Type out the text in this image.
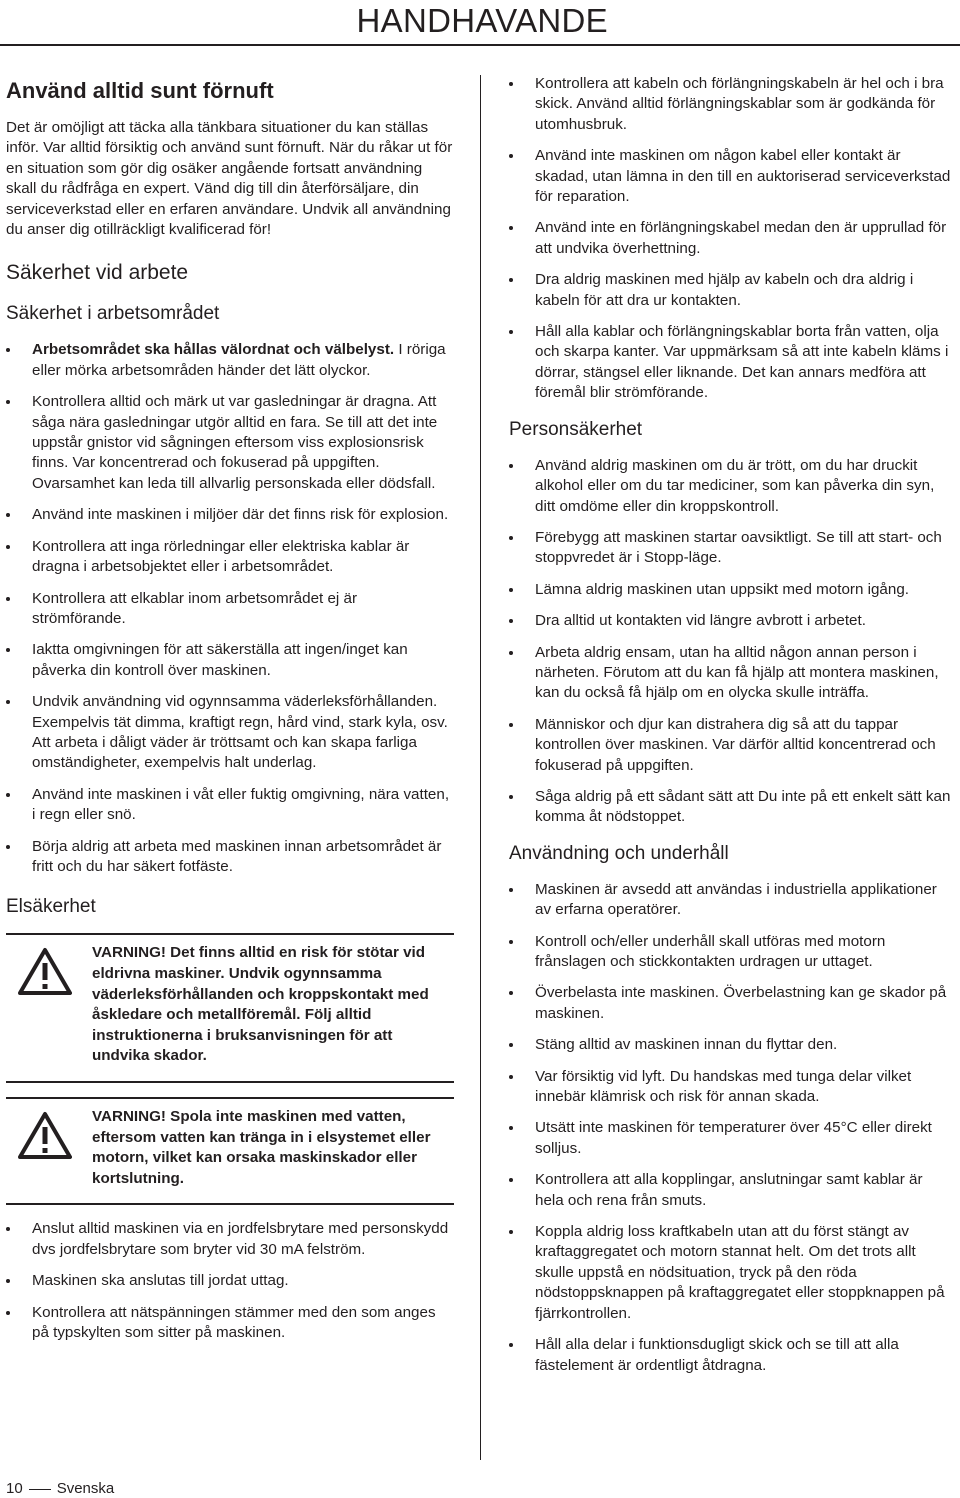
HANDHAVANDE
Använd alltid sunt förnuft

Det är omöjligt att täcka alla tänkbara situationer du kan ställas inför. Var alltid försiktig och använd sunt förnuft. När du råkar ut för en situation som gör dig osäker angående fortsatt användning skall du rådfråga en expert. Vänd dig till din återförsäljare, din serviceverkstad eller en erfaren användare. Undvik all användning du anser dig otillräckligt kvalificerad för!

Säkerhet vid arbete
Säkerhet i arbetsområdet
Arbetsområdet ska hållas välordnat och välbelyst. I röriga eller mörka arbetsområden händer det lätt olyckor.
Kontrollera alltid och märk ut var gasledningar är dragna. Att såga nära gasledningar utgör alltid en fara. Se till att det inte uppstår gnistor vid sågningen eftersom viss explosionsrisk finns. Var koncentrerad och fokuserad på uppgiften. Ovarsamhet kan leda till allvarlig personskada eller dödsfall.
Använd inte maskinen i miljöer där det finns risk för explosion.
Kontrollera att inga rörledningar eller elektriska kablar är dragna i arbetsobjektet eller i arbetsområdet.
Kontrollera att elkablar inom arbetsområdet ej är strömförande.
Iaktta omgivningen för att säkerställa att ingen/inget kan påverka din kontroll över maskinen.
Undvik användning vid ogynnsamma väderleksförhållanden. Exempelvis tät dimma, kraftigt regn, hård vind, stark kyla, osv. Att arbeta i dåligt väder är tröttsamt och kan skapa farliga omständigheter, exempelvis halt underlag.
Använd inte maskinen i våt eller fuktig omgivning, nära vatten, i regn eller snö.
Börja aldrig att arbeta med maskinen innan arbetsområdet är fritt och du har säkert fotfäste.
Elsäkerhet
VARNING! Det finns alltid en risk för stötar vid eldrivna maskiner. Undvik ogynnsamma väderleksförhållanden och kroppskontakt med åskledare och metallföremål. Följ alltid instruktionerna i bruksanvisningen för att undvika skador.
VARNING! Spola inte maskinen med vatten, eftersom vatten kan tränga in i elsystemet eller motorn, vilket kan orsaka maskinskador eller kortslutning.
Anslut alltid maskinen via en jordfelsbrytare med personskydd dvs jordfelsbrytare som bryter vid 30 mA felström.
Maskinen ska anslutas till jordat uttag.
Kontrollera att nätspänningen stämmer med den som anges på typskylten som sitter på maskinen.
Kontrollera att kabeln och förlängningskabeln är hel och i bra skick. Använd alltid förlängningskablar som är godkända för utomhusbruk.
Använd inte maskinen om någon kabel eller kontakt är skadad, utan lämna in den till en auktoriserad serviceverkstad för reparation.
Använd inte en förlängningskabel medan den är upprullad för att undvika överhettning.
Dra aldrig maskinen med hjälp av kabeln och dra aldrig i kabeln för att dra ur kontakten.
Håll alla kablar och förlängningskablar borta från vatten, olja och skarpa kanter. Var uppmärksam så att inte kabeln kläms i dörrar, stängsel eller liknande. Det kan annars medföra att föremål blir strömförande.
Personsäkerhet
Använd aldrig maskinen om du är trött, om du har druckit alkohol eller om du tar mediciner, som kan påverka din syn, ditt omdöme eller din kroppskontroll.
Förebygg att maskinen startar oavsiktligt. Se till att start- och stoppvredet är i Stopp-läge.
Lämna aldrig maskinen utan uppsikt med motorn igång.
Dra alltid ut kontakten vid längre avbrott i arbetet.
Arbeta aldrig ensam, utan ha alltid någon annan person i närheten. Förutom att du kan få hjälp att montera maskinen, kan du också få hjälp om en olycka skulle inträffa.
Människor och djur kan distrahera dig så att du tappar kontrollen över maskinen. Var därför alltid koncentrerad och fokuserad på uppgiften.
Såga aldrig på ett sådant sätt att Du inte på ett enkelt sätt kan komma åt nödstoppet.
Användning och underhåll
Maskinen är avsedd att användas i industriella applikationer av erfarna operatörer.
Kontroll och/eller underhåll skall utföras med motorn frånslagen och stickkontakten urdragen ur uttaget.
Överbelasta inte maskinen. Överbelastning kan ge skador på maskinen.
Stäng alltid av maskinen innan du flyttar den.
Var försiktig vid lyft. Du handskas med tunga delar vilket innebär klämrisk och risk för annan skada.
Utsätt inte maskinen för temperaturer över 45°C eller direkt solljus.
Kontrollera att alla kopplingar, anslutningar samt kablar är hela och rena från smuts.
Koppla aldrig loss kraftkabeln utan att du först stängt av kraftaggregatet och motorn stannat helt. Om det trots allt skulle uppstå en nödsituation, tryck på den röda nödstoppsknappen på kraftaggregatet eller stoppknappen på fjärrkontrollen.
Håll alla delar i funktionsdugligt skick och se till att alla fästelement är ordentligt åtdragna.
10 Svenska
